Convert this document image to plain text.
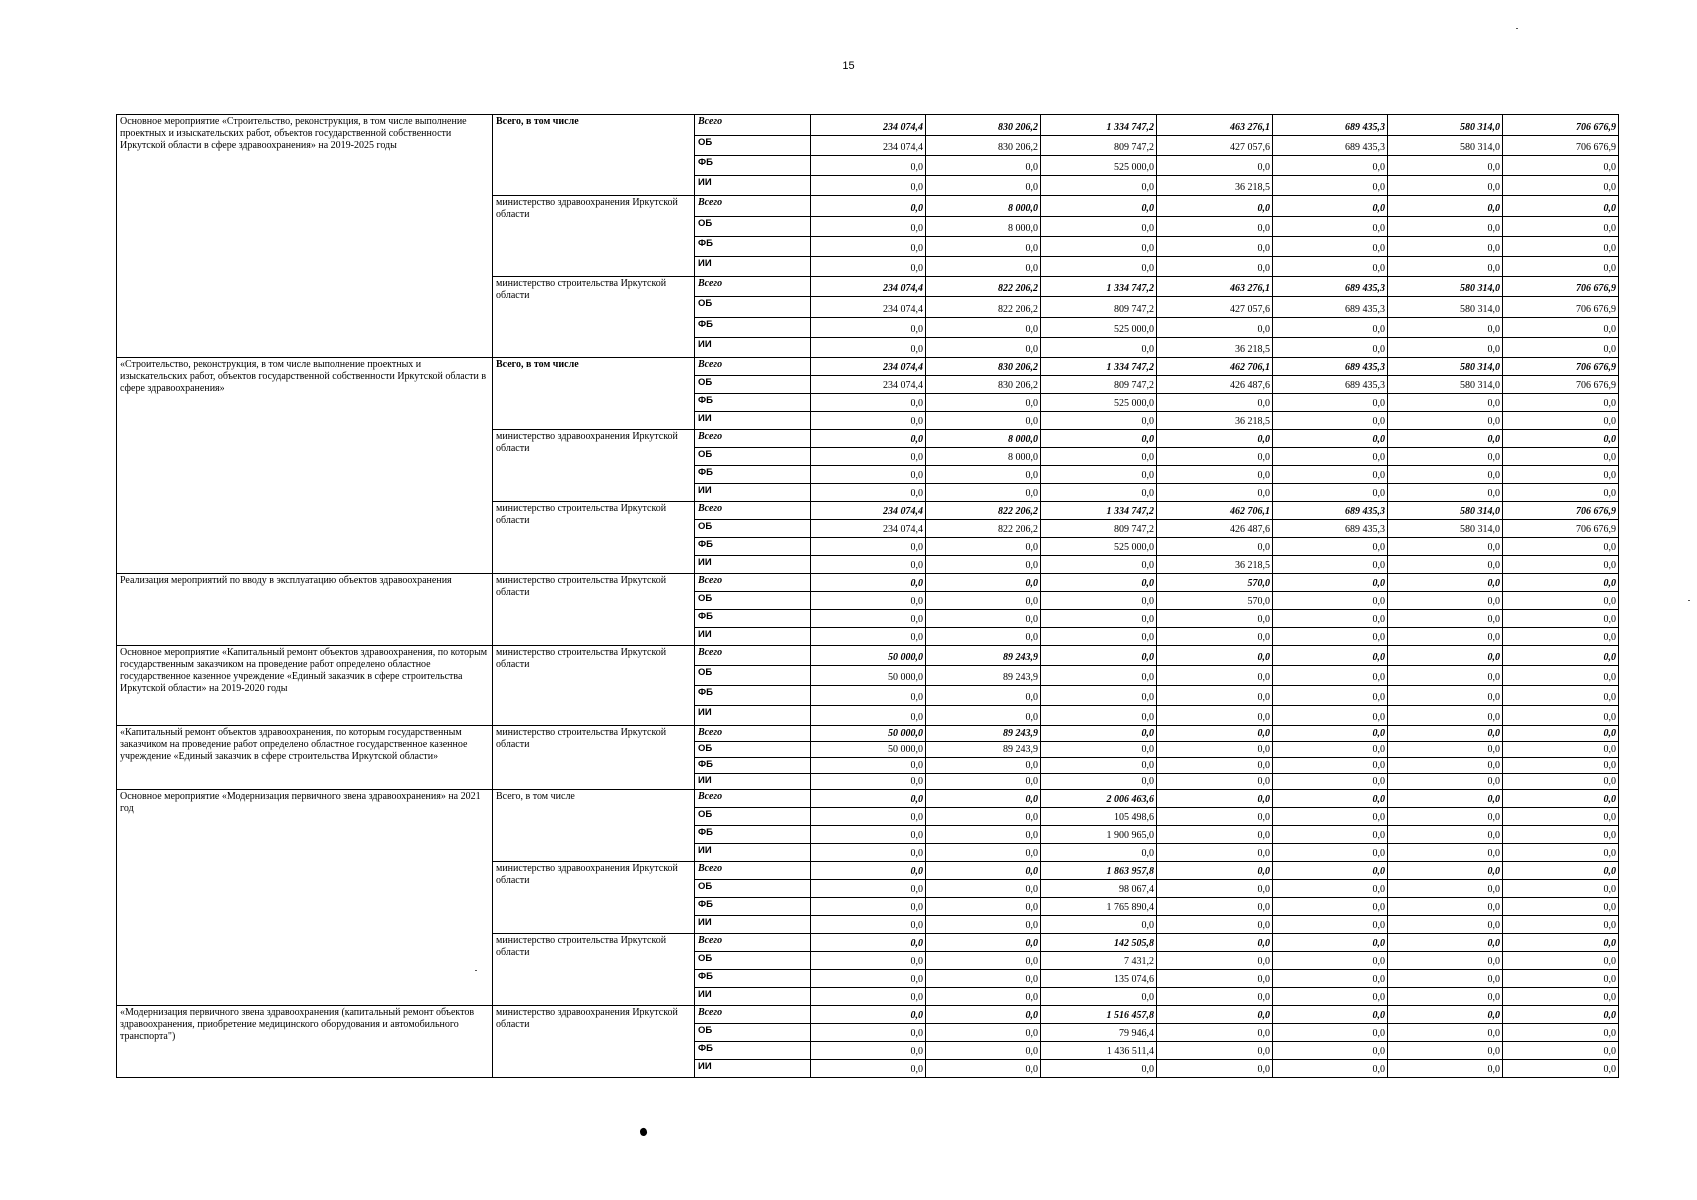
15
Основное мероприятие «Строительство, реконструкция, в том числе выполнение проектных и изыскательских работ, объектов государственной собственности Иркутской области в сфере здравоохранения» на 2019-2025 годы	Всего, в том числе	Всего	234 074,4	830 206,2	1 334 747,2	463 276,1	689 435,3	580 314,0	706 676,9
		ОБ	234 074,4	830 206,2	809 747,2	427 057,6	689 435,3	580 314,0	706 676,9
		ФБ	0,0	0,0	525 000,0	0,0	0,0	0,0	0,0
		ИИ	0,0	0,0	0,0	36 218,5	0,0	0,0	0,0
	министерство здравоохранения Иркутской области	Всего	0,0	8 000,0	0,0	0,0	0,0	0,0	0,0
		ОБ	0,0	8 000,0	0,0	0,0	0,0	0,0	0,0
		ФБ	0,0	0,0	0,0	0,0	0,0	0,0	0,0
		ИИ	0,0	0,0	0,0	0,0	0,0	0,0	0,0
	министерство строительства Иркутской области	Всего	234 074,4	822 206,2	1 334 747,2	463 276,1	689 435,3	580 314,0	706 676,9
		ОБ	234 074,4	822 206,2	809 747,2	427 057,6	689 435,3	580 314,0	706 676,9
		ФБ	0,0	0,0	525 000,0	0,0	0,0	0,0	0,0
		ИИ	0,0	0,0	0,0	36 218,5	0,0	0,0	0,0
«Строительство, реконструкция, в том числе выполнение проектных и изыскательских работ, объектов государственной собственности Иркутской области в сфере здравоохранения»	Всего, в том числе	Всего	234 074,4	830 206,2	1 334 747,2	462 706,1	689 435,3	580 314,0	706 676,9
		ОБ	234 074,4	830 206,2	809 747,2	426 487,6	689 435,3	580 314,0	706 676,9
		ФБ	0,0	0,0	525 000,0	0,0	0,0	0,0	0,0
		ИИ	0,0	0,0	0,0	36 218,5	0,0	0,0	0,0
	министерство здравоохранения Иркутской области	Всего	0,0	8 000,0	0,0	0,0	0,0	0,0	0,0
		ОБ	0,0	8 000,0	0,0	0,0	0,0	0,0	0,0
		ФБ	0,0	0,0	0,0	0,0	0,0	0,0	0,0
		ИИ	0,0	0,0	0,0	0,0	0,0	0,0	0,0
	министерство строительства Иркутской области	Всего	234 074,4	822 206,2	1 334 747,2	462 706,1	689 435,3	580 314,0	706 676,9
		ОБ	234 074,4	822 206,2	809 747,2	426 487,6	689 435,3	580 314,0	706 676,9
		ФБ	0,0	0,0	525 000,0	0,0	0,0	0,0	0,0
		ИИ	0,0	0,0	0,0	36 218,5	0,0	0,0	0,0
Реализация мероприятий по вводу в эксплуатацию объектов здравоохранения	министерство строительства Иркутской области	Всего	0,0	0,0	0,0	570,0	0,0	0,0	0,0
		ОБ	0,0	0,0	0,0	570,0	0,0	0,0	0,0
		ФБ	0,0	0,0	0,0	0,0	0,0	0,0	0,0
		ИИ	0,0	0,0	0,0	0,0	0,0	0,0	0,0
Основное мероприятие «Капитальный ремонт объектов здравоохранения, по которым государственным заказчиком на проведение работ определено областное государственное казенное учреждение «Единый заказчик в сфере строительства Иркутской области» на 2019-2020 годы	министерство строительства Иркутской области	Всего	50 000,0	89 243,9	0,0	0,0	0,0	0,0	0,0
		ОБ	50 000,0	89 243,9	0,0	0,0	0,0	0,0	0,0
		ФБ	0,0	0,0	0,0	0,0	0,0	0,0	0,0
		ИИ	0,0	0,0	0,0	0,0	0,0	0,0	0,0
«Капитальный ремонт объектов здравоохранения, по которым государственным заказчиком на проведение работ определено областное государственное казенное учреждение «Единый заказчик в сфере строительства Иркутской области»	министерство строительства Иркутской области	Всего	50 000,0	89 243,9	0,0	0,0	0,0	0,0	0,0
		ОБ	50 000,0	89 243,9	0,0	0,0	0,0	0,0	0,0
		ФБ	0,0	0,0	0,0	0,0	0,0	0,0	0,0
		ИИ	0,0	0,0	0,0	0,0	0,0	0,0	0,0
Основное мероприятие «Модернизация первичного звена здравоохранения» на 2021 год	Всего, в том числе	Всего	0,0	0,0	2 006 463,6	0,0	0,0	0,0	0,0
		ОБ	0,0	0,0	105 498,6	0,0	0,0	0,0	0,0
		ФБ	0,0	0,0	1 900 965,0	0,0	0,0	0,0	0,0
		ИИ	0,0	0,0	0,0	0,0	0,0	0,0	0,0
	министерство здравоохранения Иркутской области	Всего	0,0	0,0	1 863 957,8	0,0	0,0	0,0	0,0
		ОБ	0,0	0,0	98 067,4	0,0	0,0	0,0	0,0
		ФБ	0,0	0,0	1 765 890,4	0,0	0,0	0,0	0,0
		ИИ	0,0	0,0	0,0	0,0	0,0	0,0	0,0
	министерство строительства Иркутской области	Всего	0,0	0,0	142 505,8	0,0	0,0	0,0	0,0
		ОБ	0,0	0,0	7 431,2	0,0	0,0	0,0	0,0
		ФБ	0,0	0,0	135 074,6	0,0	0,0	0,0	0,0
		ИИ	0,0	0,0	0,0	0,0	0,0	0,0	0,0
«Модернизация первичного звена здравоохранения (капитальный ремонт объектов здравоохранения, приобретение медицинского оборудования и автомобильного транспорта")	министерство здравоохранения Иркутской области	Всего	0,0	0,0	1 516 457,8	0,0	0,0	0,0	0,0
		ОБ	0,0	0,0	79 946,4	0,0	0,0	0,0	0,0
		ФБ	0,0	0,0	1 436 511,4	0,0	0,0	0,0	0,0
		ИИ	0,0	0,0	0,0	0,0	0,0	0,0	0,0
